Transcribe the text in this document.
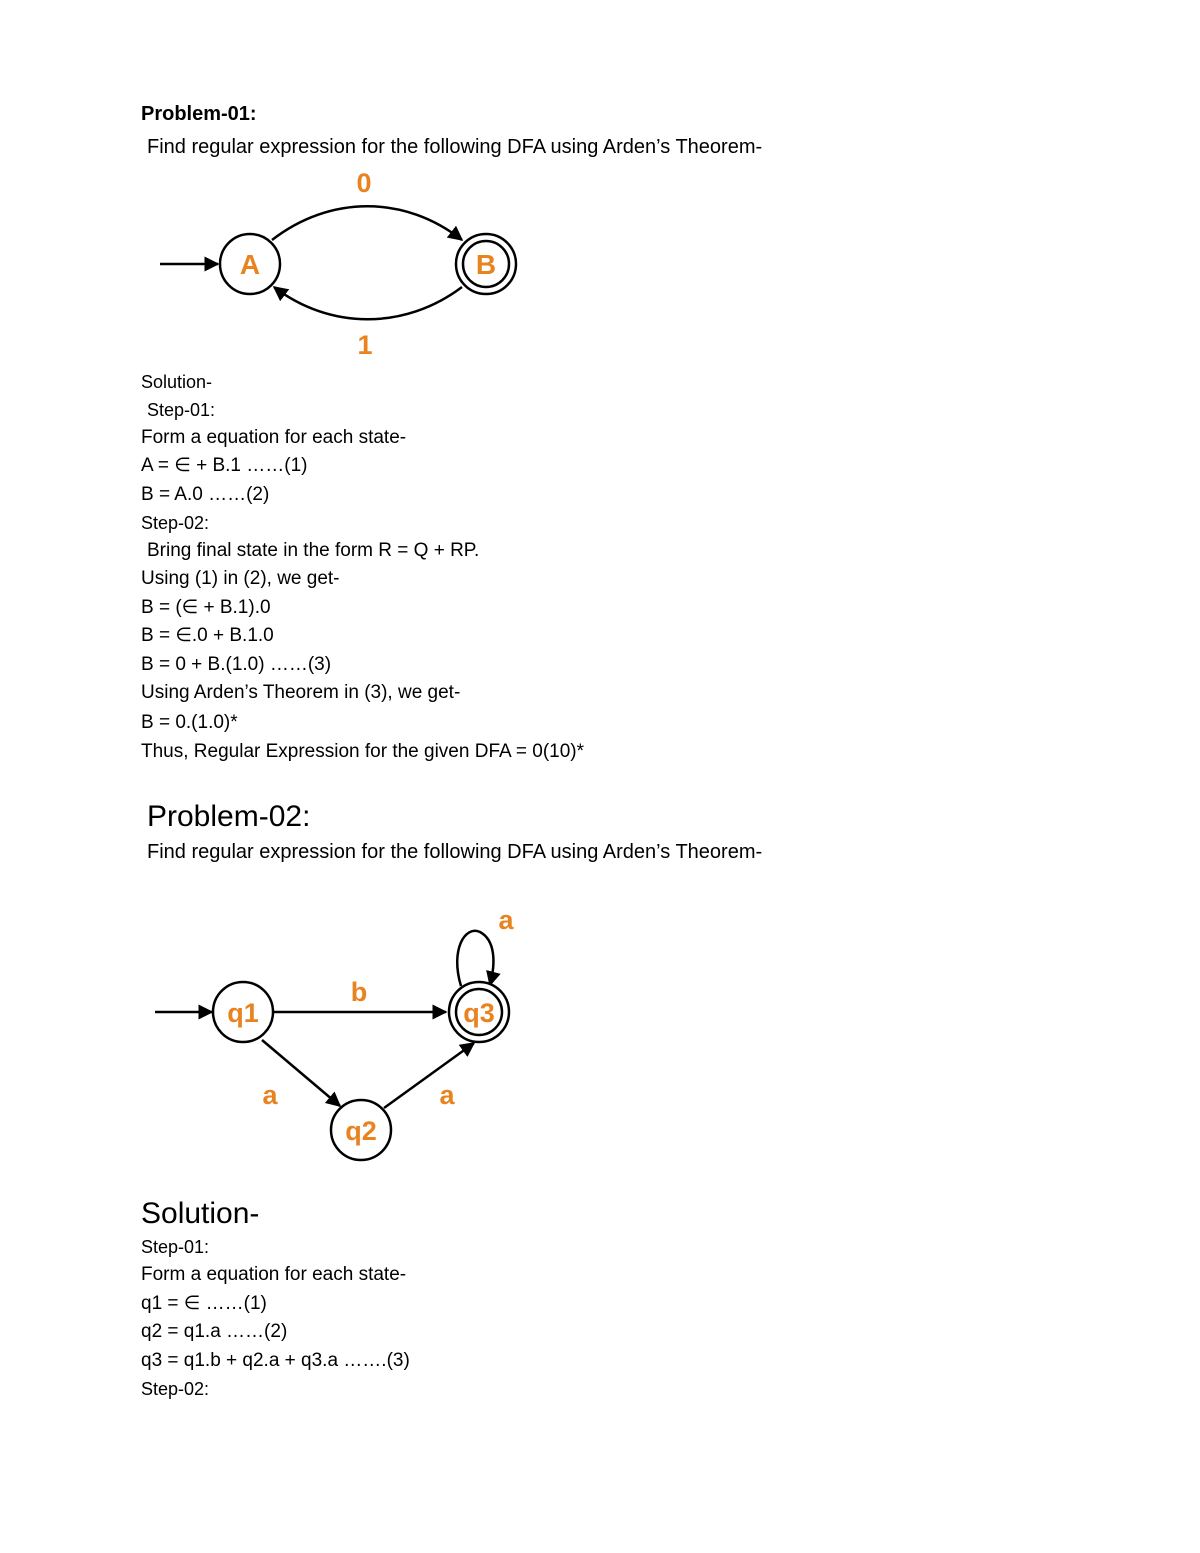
Problem-01:
Find regular expression for the following DFA using Arden’s Theorem-
A	B
0
1
Solution-
Step-01:
Form a equation for each state-
A = ∈ + B.1 ……(1)
B = A.0 ……(2)
Step-02:
Bring final state in the form R = Q + RP.
Using (1) in (2), we get-
B = (∈ + B.1).0
B = ∈.0 + B.1.0
B = 0 + B.(1.0) ……(3)
Using Arden’s Theorem in (3), we get-
B = 0.(1.0)*
Thus, Regular Expression for the given DFA = 0(10)*
Problem-02:
Find regular expression for the following DFA using Arden’s Theorem-
q1
q2
q3
b
a	a
a
Solution-
Step-01:
Form a equation for each state-
q1 = ∈ ……(1)
q2 = q1.a ……(2)
q3 = q1.b + q2.a + q3.a …….(3)
Step-02:
